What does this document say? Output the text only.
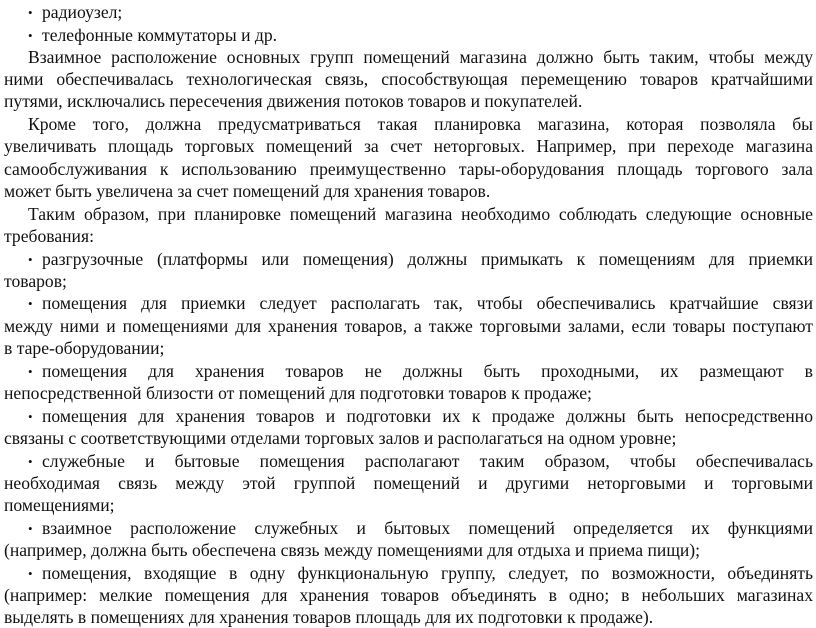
• радиоузел;
• телефонные коммутаторы и др.
Взаимное расположение основных групп помещений магазина должно быть таким, чтобы между
ними обеспечивалась технологическая связь, способствующая перемещению товаров кратчайшими
путями, исключались пересечения движения потоков товаров и покупателей.
Кроме того, должна предусматриваться такая планировка магазина, которая позволяла бы
увеличивать площадь торговых помещений за счет неторговых. Например, при переходе магазина
самообслуживания к использованию преимущественно тары-оборудования площадь торгового зала
может быть увеличена за счет помещений для хранения товаров.
Таким образом, при планировке помещений магазина необходимо соблюдать следующие основные
требования:
• разгрузочные (платформы или помещения) должны примыкать к помещениям для приемки
товаров;
• помещения для приемки следует располагать так, чтобы обеспечивались кратчайшие связи
между ними и помещениями для хранения товаров, а также торговыми залами, если товары поступают
в таре-оборудовании;
• помещения для хранения товаров не должны быть проходными, их размещают в
непосредственной близости от помещений для подготовки товаров к продаже;
• помещения для хранения товаров и подготовки их к продаже должны быть непосредственно
связаны с соответствующими отделами торговых залов и располагаться на одном уровне;
• служебные и бытовые помещения располагают таким образом, чтобы обеспечивалась
необходимая связь между этой группой помещений и другими неторговыми и торговыми
помещениями;
• взаимное расположение служебных и бытовых помещений определяется их функциями
(например, должна быть обеспечена связь между помещениями для отдыха и приема пищи);
• помещения, входящие в одну функциональную группу, следует, по возможности, объединять
(например: мелкие помещения для хранения товаров объединять в одно; в небольших магазинах
выделять в помещениях для хранения товаров площадь для их подготовки к продаже).
